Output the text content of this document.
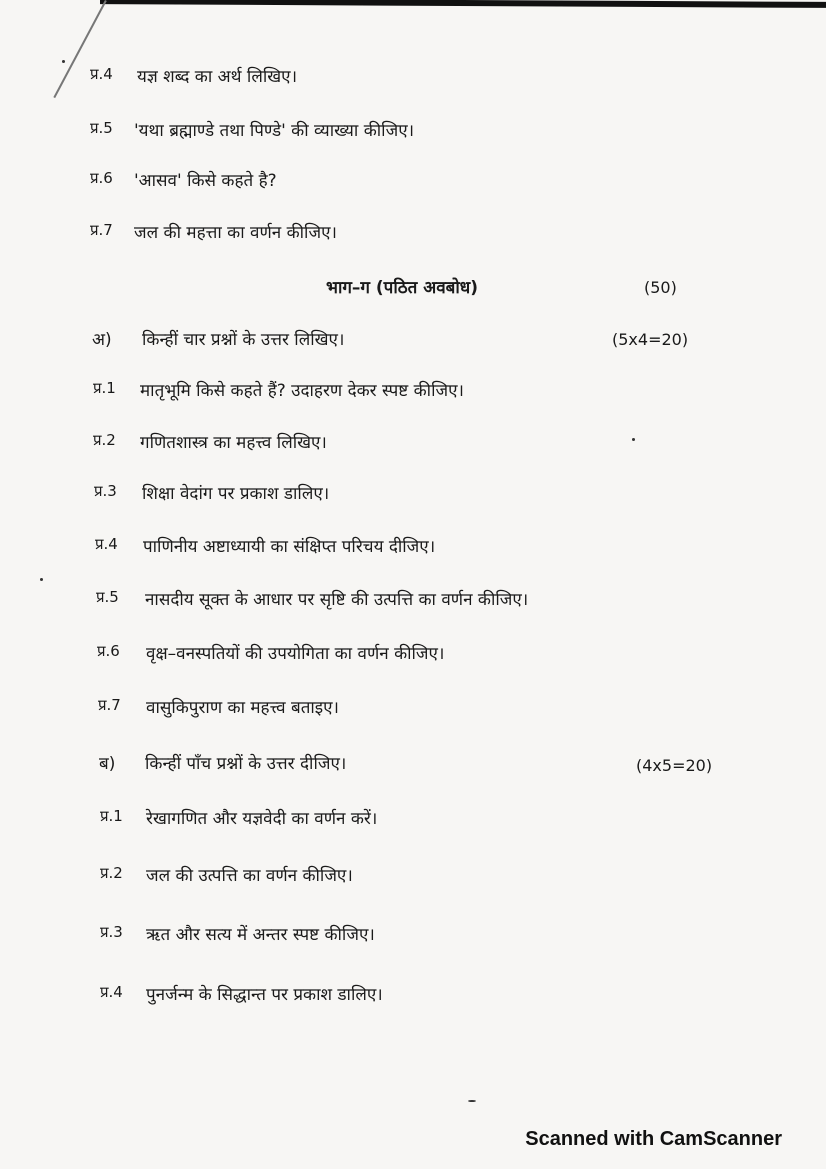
प्र.4 यज्ञ शब्द का अर्थ लिखिए।
प्र.5 'यथा ब्रह्माण्डे तथा पिण्डे' की व्याख्या कीजिए।
प्र.6 'आसव' किसे कहते है?
प्र.7 जल की महत्ता का वर्णन कीजिए।
भाग–ग (पठित अवबोध)	(50)
अ) किन्हीं चार प्रश्नों के उत्तर लिखिए।	(5x4=20)
प्र.1 मातृभूमि किसे कहते हैं? उदाहरण देकर स्पष्ट कीजिए।
प्र.2 गणितशास्त्र का महत्त्व लिखिए।
प्र.3 शिक्षा वेदांग पर प्रकाश डालिए।
प्र.4 पाणिनीय अष्टाध्यायी का संक्षिप्त परिचय दीजिए।
प्र.5 नासदीय सूक्त के आधार पर सृष्टि की उत्पत्ति का वर्णन कीजिए।
प्र.6 वृक्ष–वनस्पतियों की उपयोगिता का वर्णन कीजिए।
प्र.7 वासुकिपुराण का महत्त्व बताइए।
ब) किन्हीं पाँच प्रश्नों के उत्तर दीजिए।	(4x5=20)
प्र.1 रेखागणित और यज्ञवेदी का वर्णन करें।
प्र.2 जल की उत्पत्ति का वर्णन कीजिए।
प्र.3 ऋत और सत्य में अन्तर स्पष्ट कीजिए।
प्र.4 पुनर्जन्म के सिद्धान्त पर प्रकाश डालिए।
Scanned with CamScanner
